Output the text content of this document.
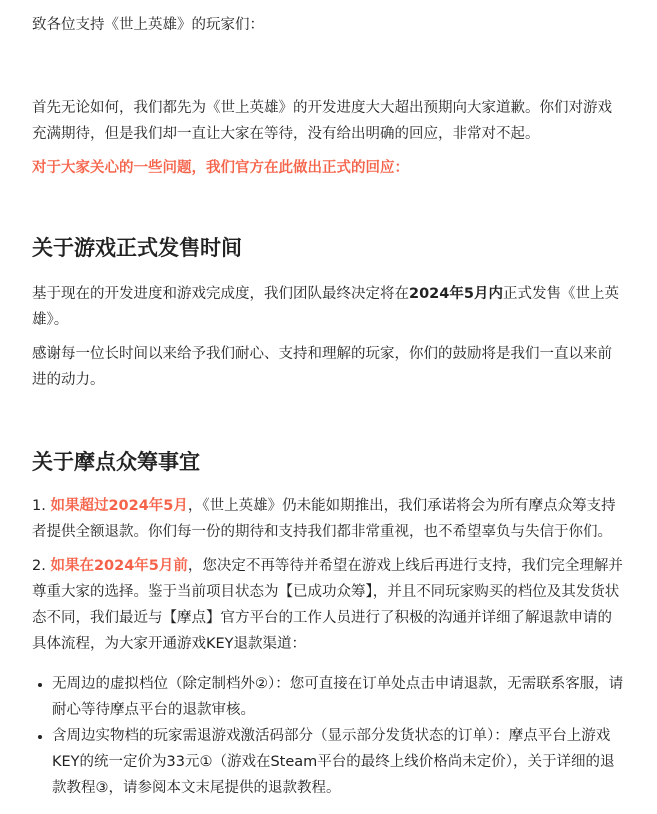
致各位支持《世上英雄》的玩家们：

首先无论如何，我们都先为《世上英雄》的开发进度大大超出预期向大家道歉。你们对游戏充满期待，但是我们却一直让大家在等待，没有给出明确的回应，非常对不起。

对于大家关心的一些问题，我们官方在此做出正式的回应：

关于游戏正式发售时间

基于现在的开发进度和游戏完成度，我们团队最终决定将在2024年5月内正式发售《世上英雄》。

感谢每一位长时间以来给予我们耐心、支持和理解的玩家，你们的鼓励将是我们一直以来前进的动力。

关于摩点众筹事宜

1. 如果超过2024年5月，《世上英雄》仍未能如期推出，我们承诺将会为所有摩点众筹支持者提供全额退款。你们每一份的期待和支持我们都非常重视，也不希望辜负与失信于你们。

2. 如果在2024年5月前，您决定不再等待并希望在游戏上线后再进行支持，我们完全理解并尊重大家的选择。鉴于当前项目状态为【已成功众筹】，并且不同玩家购买的档位及其发货状态不同，我们最近与【摩点】官方平台的工作人员进行了积极的沟通并详细了解退款申请的具体流程，为大家开通游戏KEY退款渠道：

• 无周边的虚拟档位（除定制档外②）：您可直接在订单处点击申请退款，无需联系客服，请耐心等待摩点平台的退款审核。
• 含周边实物档的玩家需退游戏激活码部分（显示部分发货状态的订单）：摩点平台上游戏KEY的统一定价为33元①（游戏在Steam平台的最终上线价格尚未定价），关于详细的退款教程③，请参阅本文末尾提供的退款教程。
